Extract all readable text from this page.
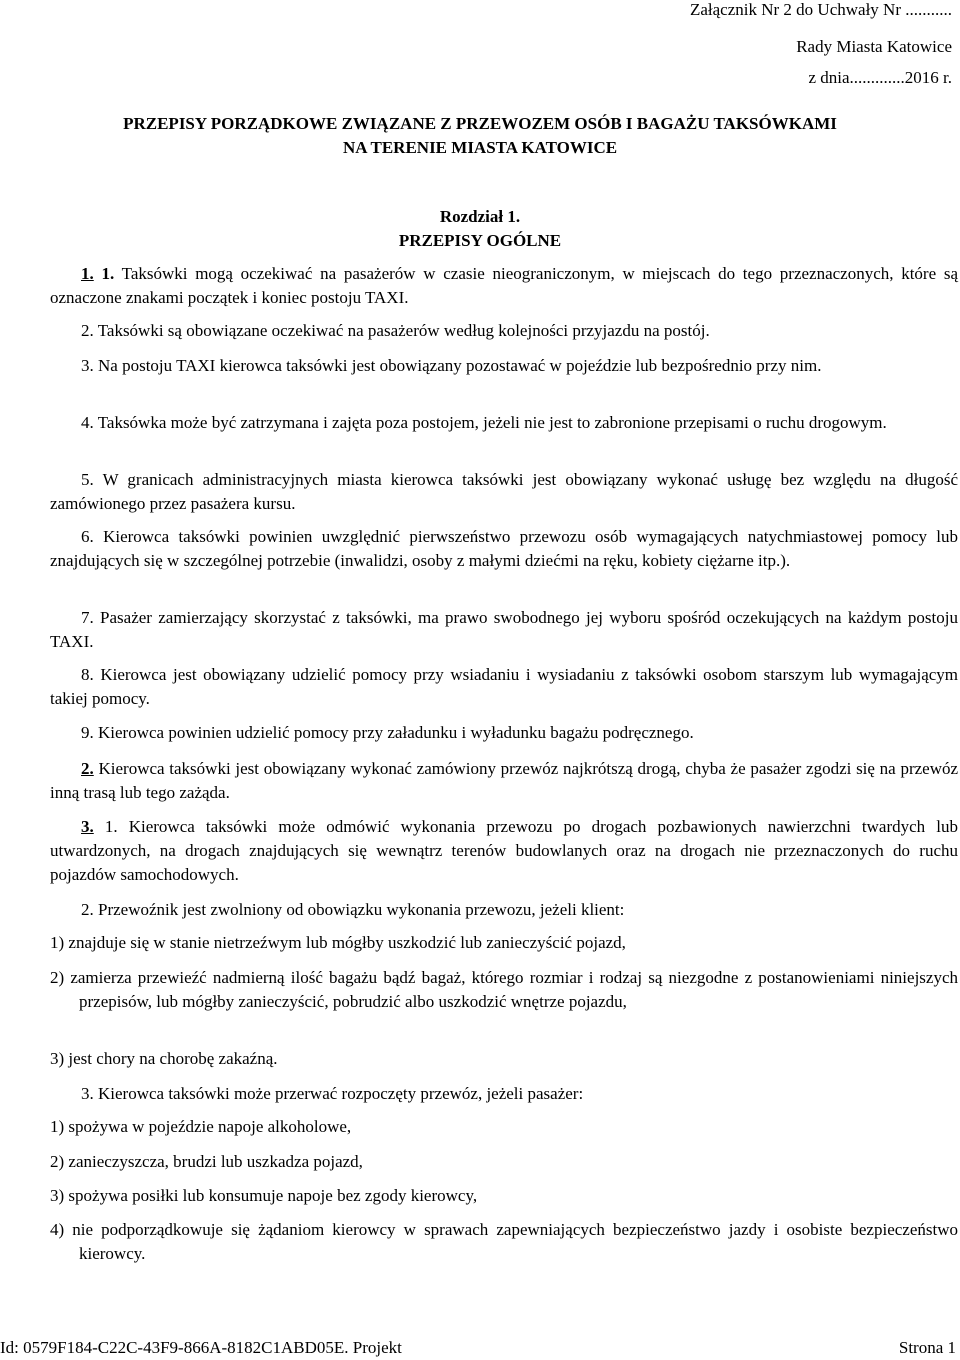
Załącznik Nr 2 do Uchwały Nr ...........
Rady Miasta Katowice
z dnia.............2016 r.
PRZEPISY PORZĄDKOWE ZWIĄZANE Z PRZEWOZEM OSÓB I BAGAŻU TAKSÓWKAMI
NA TERENIE MIASTA KATOWICE
Rozdział 1.
PRZEPISY OGÓLNE
1. 1. Taksówki mogą oczekiwać na pasażerów w czasie nieograniczonym, w miejscach do tego przeznaczonych, które są oznaczone znakami początek i koniec postoju TAXI.
2. Taksówki są obowiązane oczekiwać na pasażerów według kolejności przyjazdu na postój.
3. Na postoju TAXI kierowca taksówki jest obowiązany pozostawać w pojeździe lub bezpośrednio przy nim.
4. Taksówka może być zatrzymana i zajęta poza postojem, jeżeli nie jest to zabronione przepisami o ruchu drogowym.
5. W granicach administracyjnych miasta kierowca taksówki jest obowiązany wykonać usługę bez względu na długość zamówionego przez pasażera kursu.
6. Kierowca taksówki powinien uwzględnić pierwszeństwo przewozu osób wymagających natychmiastowej pomocy lub znajdujących się w szczególnej potrzebie (inwalidzi, osoby z małymi dziećmi na ręku, kobiety ciężarne itp.).
7. Pasażer zamierzający skorzystać z taksówki, ma prawo swobodnego jej wyboru spośród oczekujących na każdym postoju TAXI.
8. Kierowca jest obowiązany udzielić pomocy przy wsiadaniu i wysiadaniu z taksówki osobom starszym lub wymagającym takiej pomocy.
9. Kierowca powinien udzielić pomocy przy załadunku i wyładunku bagażu podręcznego.
2. Kierowca taksówki jest obowiązany wykonać zamówiony przewóz najkrótszą drogą, chyba że pasażer zgodzi się na przewóz inną trasą lub tego zażąda.
3. 1. Kierowca taksówki może odmówić wykonania przewozu po drogach pozbawionych nawierzchni twardych lub utwardzonych, na drogach znajdujących się wewnątrz terenów budowlanych oraz na drogach nie przeznaczonych do ruchu pojazdów samochodowych.
2. Przewoźnik jest zwolniony od obowiązku wykonania przewozu, jeżeli klient:
1) znajduje się w stanie nietrzeźwym lub mógłby uszkodzić lub zanieczyścić pojazd,
2) zamierza przewieźć nadmierną ilość bagażu bądź bagaż, którego rozmiar i rodzaj są niezgodne z postanowieniami niniejszych przepisów, lub mógłby zanieczyścić, pobrudzić albo uszkodzić wnętrze pojazdu,
3) jest chory na chorobę zakaźną.
3. Kierowca taksówki może przerwać rozpoczęty przewóz, jeżeli pasażer:
1) spożywa w pojeździe napoje alkoholowe,
2) zanieczyszcza, brudzi lub uszkadza pojazd,
3) spożywa posiłki lub konsumuje napoje bez zgody kierowcy,
4) nie podporządkowuje się żądaniom kierowcy w sprawach zapewniających bezpieczeństwo jazdy i osobiste bezpieczeństwo kierowcy.
Id: 0579F184-C22C-43F9-866A-8182C1ABD05E. Projekt	Strona 1
